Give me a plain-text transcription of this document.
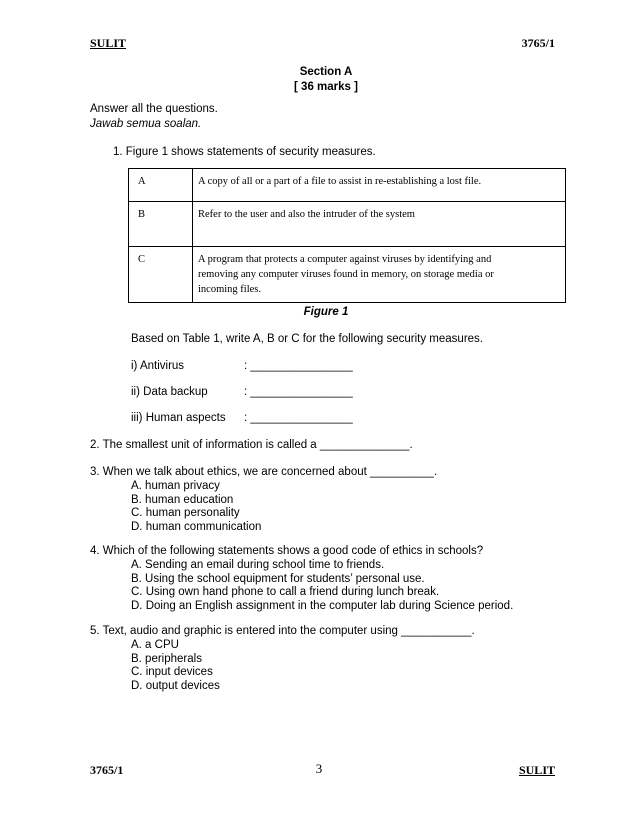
SULIT	3765/1
Section A
[ 36 marks ]
Answer all the questions.
Jawab semua soalan.
1. Figure 1 shows statements of security measures.
A	A copy of all or a part of a file to assist in re-establishing a lost file.

B	Refer to the user and also the intruder of the system

C	A program that protects a computer against viruses by identifying and
removing any computer viruses found in memory, on storage media or
incoming files.
Figure 1
Based on Table 1, write A, B or C for the following security measures.
i) Antivirus	: ________________
ii) Data backup	: ________________
iii) Human aspects : ________________
2. The smallest unit of information is called a ______________.
3. When we talk about ethics, we are concerned about __________.
A. human privacy
B. human education
C. human personality
D. human communication
4. Which of the following statements shows a good code of ethics in schools?
A. Sending an email during school time to friends.
B. Using the school equipment for students’ personal use.
C. Using own hand phone to call a friend during lunch break.
D. Doing an English assignment in the computer lab during Science period.
5. Text, audio and graphic is entered into the computer using ___________.
A. a CPU
B. peripherals
C. input devices
D. output devices
3765/1	3	SULIT
